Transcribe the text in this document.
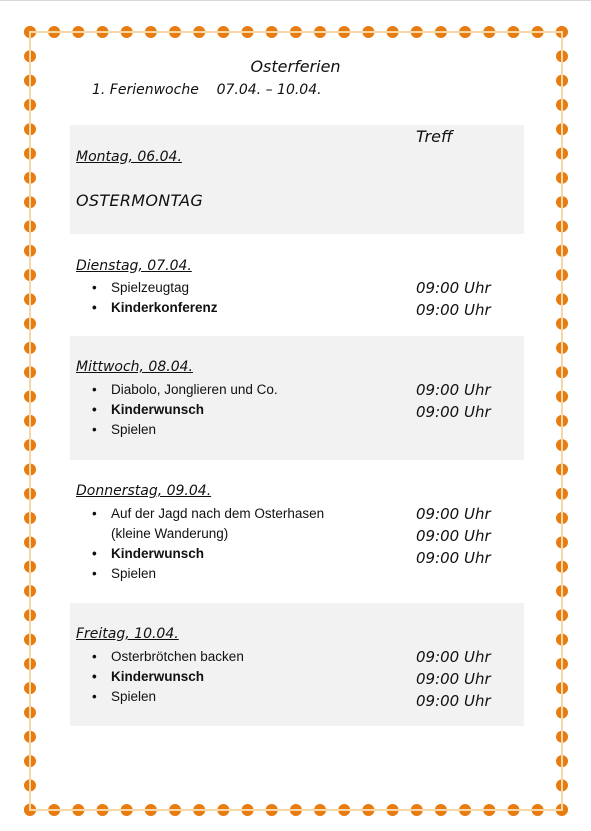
Osterferien
1. Ferienwoche    07.04. – 10.04.
Treff
Montag, 06.04.
OSTERMONTAG
Dienstag, 07.04.
• Spielzeugtag
• Kinderkonferenz
09:00 Uhr
09:00 Uhr
Mittwoch, 08.04.
• Diabolo, Jonglieren und Co.
• Kinderwunsch
• Spielen
09:00 Uhr
09:00 Uhr
Donnerstag, 09.04.
• Auf der Jagd nach dem Osterhasen (kleine Wanderung)
• Kinderwunsch
• Spielen
09:00 Uhr
09:00 Uhr
09:00 Uhr
Freitag, 10.04.
• Osterbrötchen backen
• Kinderwunsch
• Spielen
09:00 Uhr
09:00 Uhr
09:00 Uhr
